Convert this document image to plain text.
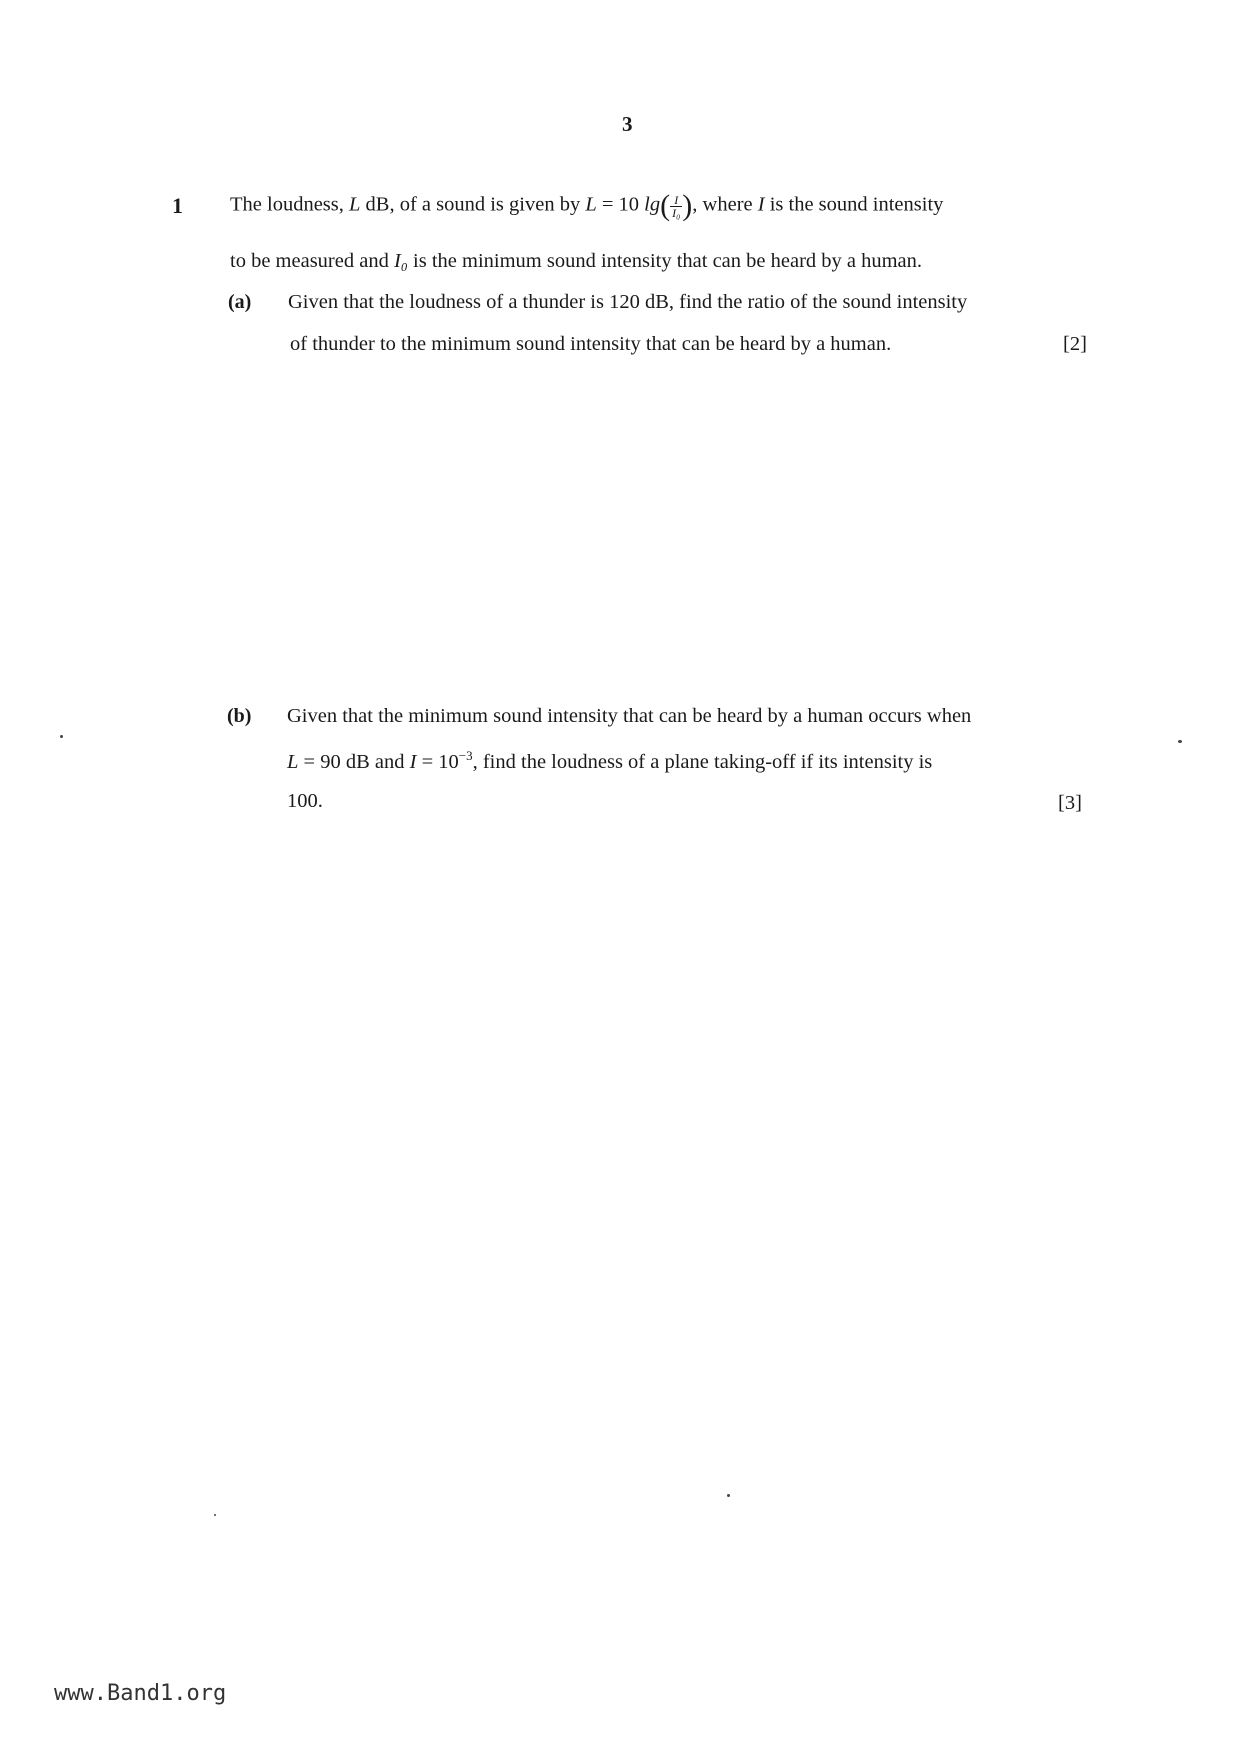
3
1 The loudness, L dB, of a sound is given by L = 10 $\lg( \frac{I}{\text{I₀}}$ ), where I is the sound intensity
to be measured and I₀ is the minimum sound intensity that can be heard by a human.
(a) Given that the loudness of a thunder is 120 dB, find the ratio of the sound intensity
of thunder to the minimum sound intensity that can be heard by a human.	[2]
(b) Given that the minimum sound intensity that can be heard by a human occurs when
L = 90 dB and $I = 10^{-3}$, find the loudness of a plane taking-off if its intensity is
100.	[3]
www.Band1.org
